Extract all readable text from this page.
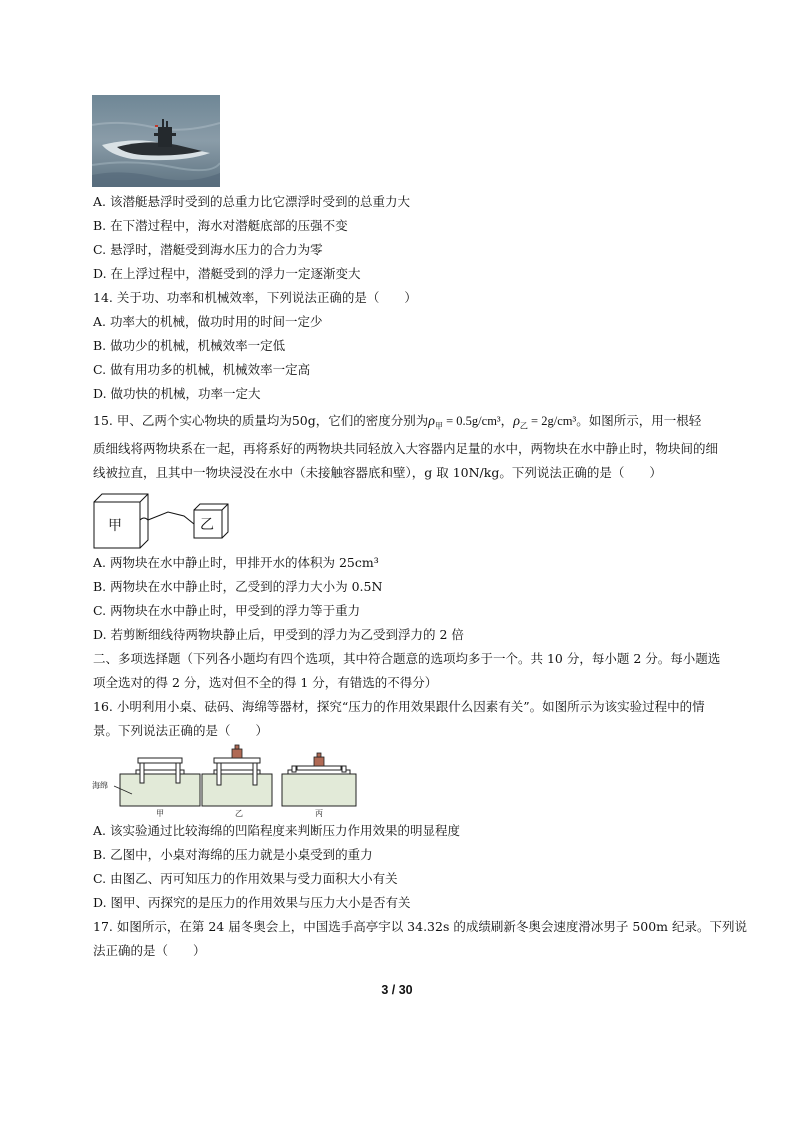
A. 该潜艇悬浮时受到的总重力比它漂浮时受到的总重力大
B. 在下潜过程中，海水对潜艇底部的压强不变
C. 悬浮时，潜艇受到海水压力的合力为零
D. 在上浮过程中，潜艇受到的浮力一定逐渐变大
14. 关于功、功率和机械效率，下列说法正确的是（　　）
A. 功率大的机械，做功时用的时间一定少
B. 做功少的机械，机械效率一定低
C. 做有用功多的机械，机械效率一定高
D. 做功快的机械，功率一定大
15. 甲、乙两个实心物块的质量均为50g，它们的密度分别为$\rho_甲 = 0.5g/cm^3$，$\rho_乙 = 2g/cm^3$。如图所示，用一根轻
质细线将两物块系在一起，再将系好的两物块共同轻放入大容器内足量的水中，两物块在水中静止时，物块间的细
线被拉直，且其中一物块浸没在水中（未接触容器底和壁），g 取 10N/kg。下列说法正确的是（　　）
甲	乙
A. 两物块在水中静止时，甲排开水的体积为 25cm³
B. 两物块在水中静止时，乙受到的浮力大小为 0.5N
C. 两物块在水中静止时，甲受到的浮力等于重力
D. 若剪断细线待两物块静止后，甲受到的浮力为乙受到浮力的 2 倍
二、多项选择题（下列各小题均有四个选项，其中符合题意的选项均多于一个。共 10 分，每小题 2 分。每小题选
项全选对的得 2 分，选对但不全的得 1 分，有错选的不得分）
16. 小明利用小桌、砝码、海绵等器材，探究“压力的作用效果跟什么因素有关”。如图所示为该实验过程中的情
景。下列说法正确的是（　　）
海绵
甲	乙	丙
A. 该实验通过比较海绵的凹陷程度来判断压力作用效果的明显程度
B. 乙图中，小桌对海绵的压力就是小桌受到的重力
C. 由图乙、丙可知压力的作用效果与受力面积大小有关
D. 图甲、丙探究的是压力的作用效果与压力大小是否有关
17. 如图所示，在第 24 届冬奥会上，中国选手高亭宇以 34.32s 的成绩刷新冬奥会速度滑冰男子 500m 纪录。下列说
法正确的是（　　）
3 / 30
